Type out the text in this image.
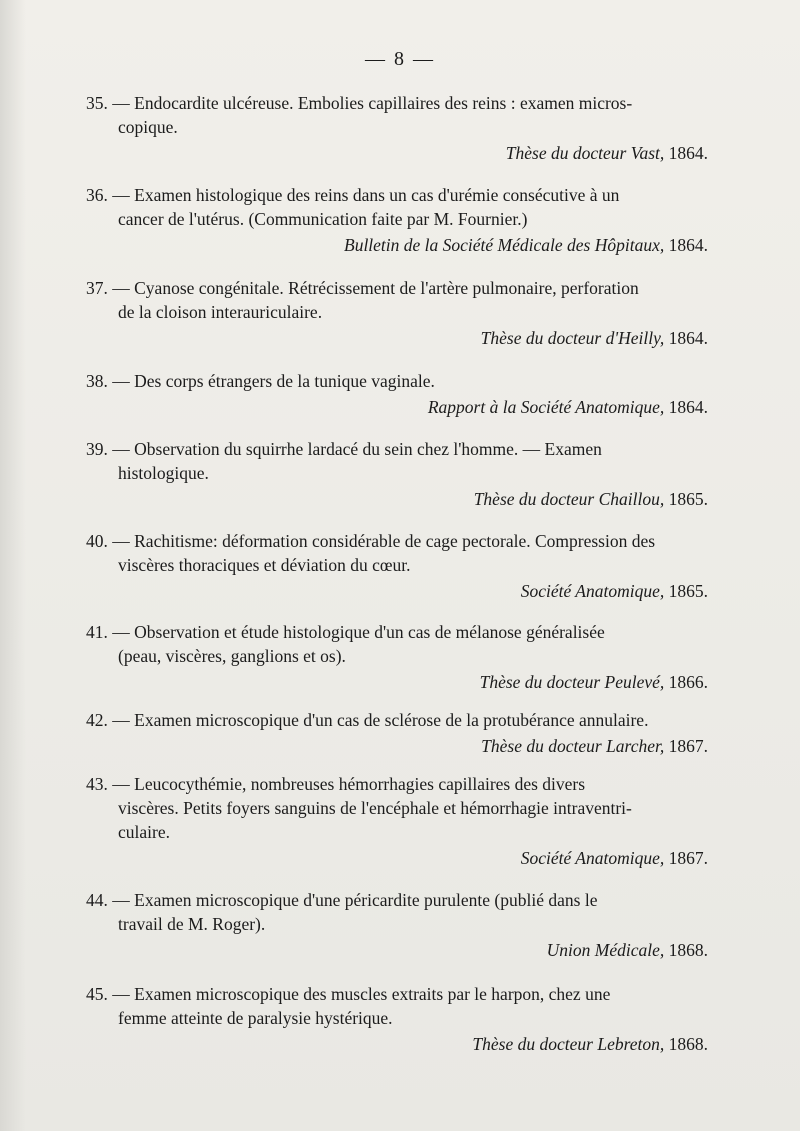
— 8 —
35. — Endocardite ulcéreuse. Embolies capillaires des reins : examen micros-
copique.
Thèse du docteur Vast, 1864.
36. — Examen histologique des reins dans un cas d'urémie consécutive à un
cancer de l'utérus. (Communication faite par M. Fournier.)
Bulletin de la Société Médicale des Hôpitaux, 1864.
37. — Cyanose congénitale. Rétrécissement de l'artère pulmonaire, perforation
de la cloison interauriculaire.
Thèse du docteur d'Heilly, 1864.
38. — Des corps étrangers de la tunique vaginale.
Rapport à la Société Anatomique, 1864.
39. — Observation du squirrhe lardacé du sein chez l'homme. — Examen
histologique.
Thèse du docteur Chaillou, 1865.
40. — Rachitisme: déformation considérable de cage pectorale. Compression des
viscères thoraciques et déviation du cœur.
Société Anatomique, 1865.
41. — Observation et étude histologique d'un cas de mélanose généralisée
(peau, viscères, ganglions et os).
Thèse du docteur Peulevé, 1866.
42. — Examen microscopique d'un cas de sclérose de la protubérance annulaire.
Thèse du docteur Larcher, 1867.
43. — Leucocythémie, nombreuses hémorrhagies capillaires des divers
viscères. Petits foyers sanguins de l'encéphale et hémorrhagie intraventri-
culaire.
Société Anatomique, 1867.
44. — Examen microscopique d'une péricardite purulente (publié dans le
travail de M. Roger).
Union Médicale, 1868.
45. — Examen microscopique des muscles extraits par le harpon, chez une
femme atteinte de paralysie hystérique.
Thèse du docteur Lebreton, 1868.
